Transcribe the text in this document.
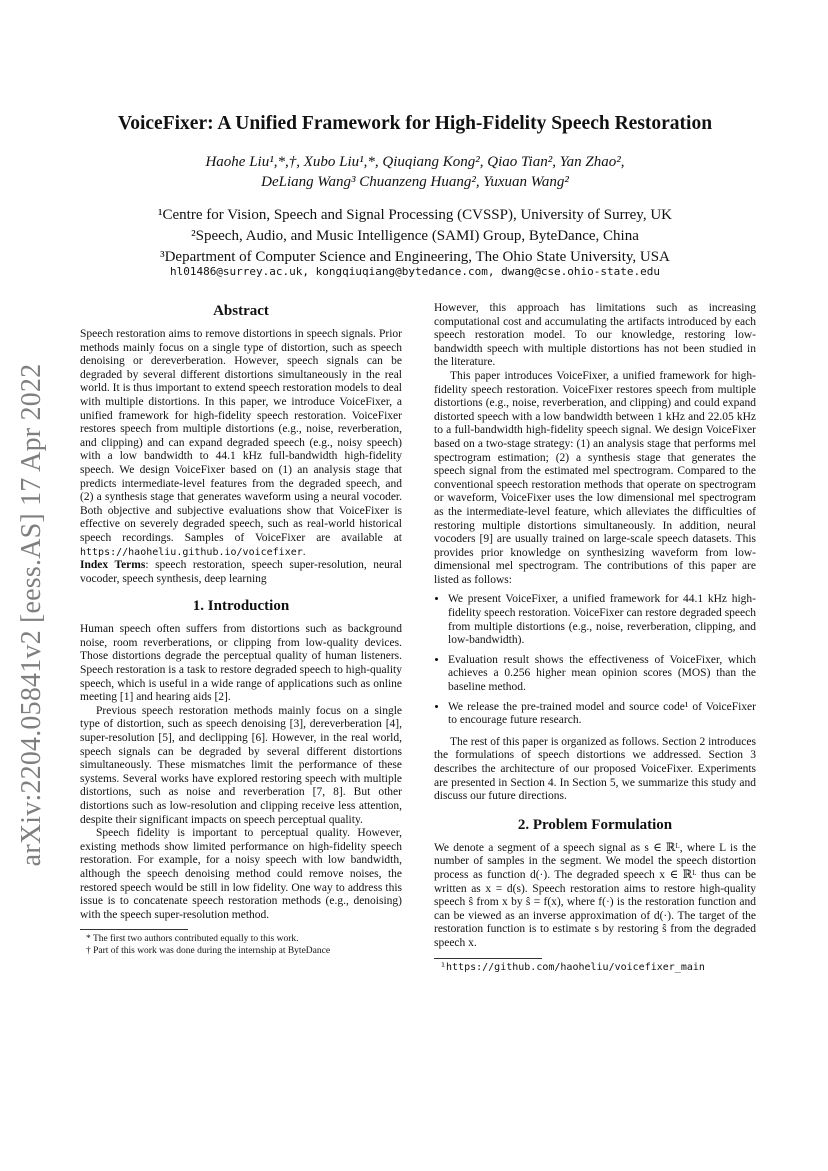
arXiv:2204.05841v2 [eess.AS] 17 Apr 2022
VoiceFixer: A Unified Framework for High-Fidelity Speech Restoration
Haohe Liu¹,*,†, Xubo Liu¹,*, Qiuqiang Kong², Qiao Tian², Yan Zhao²,
DeLiang Wang³ Chuanzeng Huang², Yuxuan Wang²
¹Centre for Vision, Speech and Signal Processing (CVSSP), University of Surrey, UK
²Speech, Audio, and Music Intelligence (SAMI) Group, ByteDance, China
³Department of Computer Science and Engineering, The Ohio State University, USA
hl01486@surrey.ac.uk, kongqiuqiang@bytedance.com, dwang@cse.ohio-state.edu
Abstract

Speech restoration aims to remove distortions in speech signals. Prior methods mainly focus on a single type of distortion, such as speech denoising or dereverberation. However, speech signals can be degraded by several different distortions simultaneously in the real world. It is thus important to extend speech restoration models to deal with multiple distortions. In this paper, we introduce VoiceFixer, a unified framework for high-fidelity speech restoration. VoiceFixer restores speech from multiple distortions (e.g., noise, reverberation, and clipping) and can expand degraded speech (e.g., noisy speech) with a low bandwidth to 44.1 kHz full-bandwidth high-fidelity speech. We design VoiceFixer based on (1) an analysis stage that predicts intermediate-level features from the degraded speech, and (2) a synthesis stage that generates waveform using a neural vocoder. Both objective and subjective evaluations show that VoiceFixer is effective on severely degraded speech, such as real-world historical speech recordings. Samples of VoiceFixer are available at https://haoheliu.github.io/voicefixer.

Index Terms: speech restoration, speech super-resolution, neural vocoder, speech synthesis, deep learning

1. Introduction

Human speech often suffers from distortions such as background noise, room reverberations, or clipping from low-quality devices. Those distortions degrade the perceptual quality of human listeners. Speech restoration is a task to restore degraded speech to high-quality speech, which is useful in a wide range of applications such as online meeting [1] and hearing aids [2].

Previous speech restoration methods mainly focus on a single type of distortion, such as speech denoising [3], dereverberation [4], super-resolution [5], and declipping [6]. However, in the real world, speech signals can be degraded by several different distortions simultaneously. These mismatches limit the performance of these systems. Several works have explored restoring speech with multiple distortions, such as noise and reverberation [7, 8]. But other distortions such as low-resolution and clipping receive less attention, despite their significant impacts on speech perceptual quality.

Speech fidelity is important to perceptual quality. However, existing methods show limited performance on high-fidelity speech restoration. For example, for a noisy speech with low bandwidth, although the speech denoising method could remove noises, the restored speech would be still in low fidelity. One way to address this issue is to concatenate speech restoration methods (e.g., denoising) with the speech super-resolution method.

* The first two authors contributed equally to this work.

† Part of this work was done during the internship at ByteDance

However, this approach has limitations such as increasing computational cost and accumulating the artifacts introduced by each speech restoration model. To our knowledge, restoring low-bandwidth speech with multiple distortions has not been studied in the literature.

This paper introduces VoiceFixer, a unified framework for high-fidelity speech restoration. VoiceFixer restores speech from multiple distortions (e.g., noise, reverberation, and clipping) and could expand distorted speech with a low bandwidth between 1 kHz and 22.05 kHz to a full-bandwidth high-fidelity speech signal. We design VoiceFixer based on a two-stage strategy: (1) an analysis stage that performs mel spectrogram estimation; (2) a synthesis stage that generates the speech signal from the estimated mel spectrogram. Compared to the conventional speech restoration methods that operate on spectrogram or waveform, VoiceFixer uses the low dimensional mel spectrogram as the intermediate-level feature, which alleviates the difficulties of restoring multiple distortions simultaneously. In addition, neural vocoders [9] are usually trained on large-scale speech datasets. This provides prior knowledge on synthesizing waveform from low-dimensional mel spectrogram. The contributions of this paper are listed as follows:

• We present VoiceFixer, a unified framework for 44.1 kHz high-fidelity speech restoration. VoiceFixer can restore degraded speech from multiple distortions (e.g., noise, reverberation, clipping, and low-bandwidth).
• Evaluation result shows the effectiveness of VoiceFixer, which achieves a 0.256 higher mean opinion scores (MOS) than the baseline method.
• We release the pre-trained model and source code¹ of VoiceFixer to encourage future research.

The rest of this paper is organized as follows. Section 2 introduces the formulations of speech distortions we addressed. Section 3 describes the architecture of our proposed VoiceFixer. Experiments are presented in Section 4. In Section 5, we summarize this study and discuss our future directions.

2. Problem Formulation

We denote a segment of a speech signal as s ∈ ℝᴸ, where L is the number of samples in the segment. We model the speech distortion process as function d(·). The degraded speech x ∈ ℝᴸ thus can be written as x = d(s). Speech restoration aims to restore high-quality speech ŝ from x by ŝ = f(x), where f(·) is the restoration function and can be viewed as an inverse approximation of d(·). The target of the restoration function is to estimate s by restoring ŝ from the degraded speech x.

¹https://github.com/haoheliu/voicefixer_main
